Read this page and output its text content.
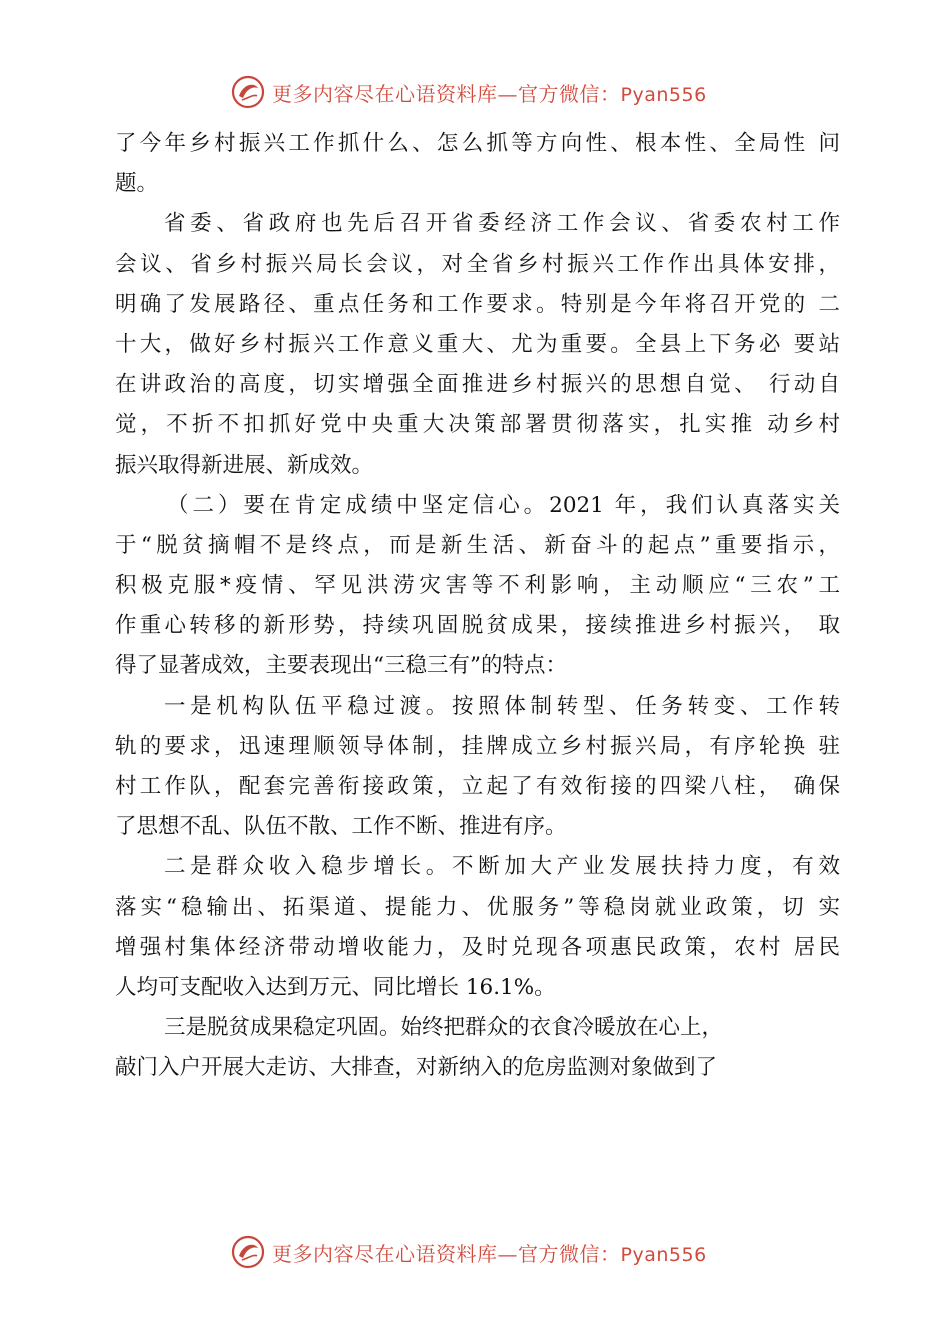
更多内容尽在心语资料库—官方微信：Pyan556
了今年乡村振兴工作抓什么、怎么抓等方向性、根本性、全局性 问
题。
省委、省政府也先后召开省委经济工作会议、省委农村工作
会议、省乡村振兴局长会议，对全省乡村振兴工作作出具体安排，
明确了发展路径、重点任务和工作要求。特别是今年将召开党的 二
十大，做好乡村振兴工作意义重大、尤为重要。全县上下务必 要站
在讲政治的高度，切实增强全面推进乡村振兴的思想自觉、 行动自
觉，不折不扣抓好党中央重大决策部署贯彻落实，扎实推 动乡村
振兴取得新进展、新成效。
（二）要在肯定成绩中坚定信心。2021 年，我们认真落实关
于“脱贫摘帽不是终点，而是新生活、新奋斗的起点”重要指示，
积极克服*疫情、罕见洪涝灾害等不利影响，主动顺应“三农”工
作重心转移的新形势，持续巩固脱贫成果，接续推进乡村振兴， 取
得了显著成效，主要表现出“三稳三有”的特点：
一是机构队伍平稳过渡。按照体制转型、任务转变、工作转
轨的要求，迅速理顺领导体制，挂牌成立乡村振兴局，有序轮换 驻
村工作队，配套完善衔接政策，立起了有效衔接的四梁八柱， 确保
了思想不乱、队伍不散、工作不断、推进有序。
二是群众收入稳步增长。不断加大产业发展扶持力度，有效
落实“稳输出、拓渠道、提能力、优服务”等稳岗就业政策，切 实
增强村集体经济带动增收能力，及时兑现各项惠民政策，农村 居民
人均可支配收入达到万元、同比增长 16.1%。
三是脱贫成果稳定巩固。始终把群众的衣食冷暖放在心上，
敲门入户开展大走访、大排查，对新纳入的危房监测对象做到了
更多内容尽在心语资料库—官方微信：Pyan556
